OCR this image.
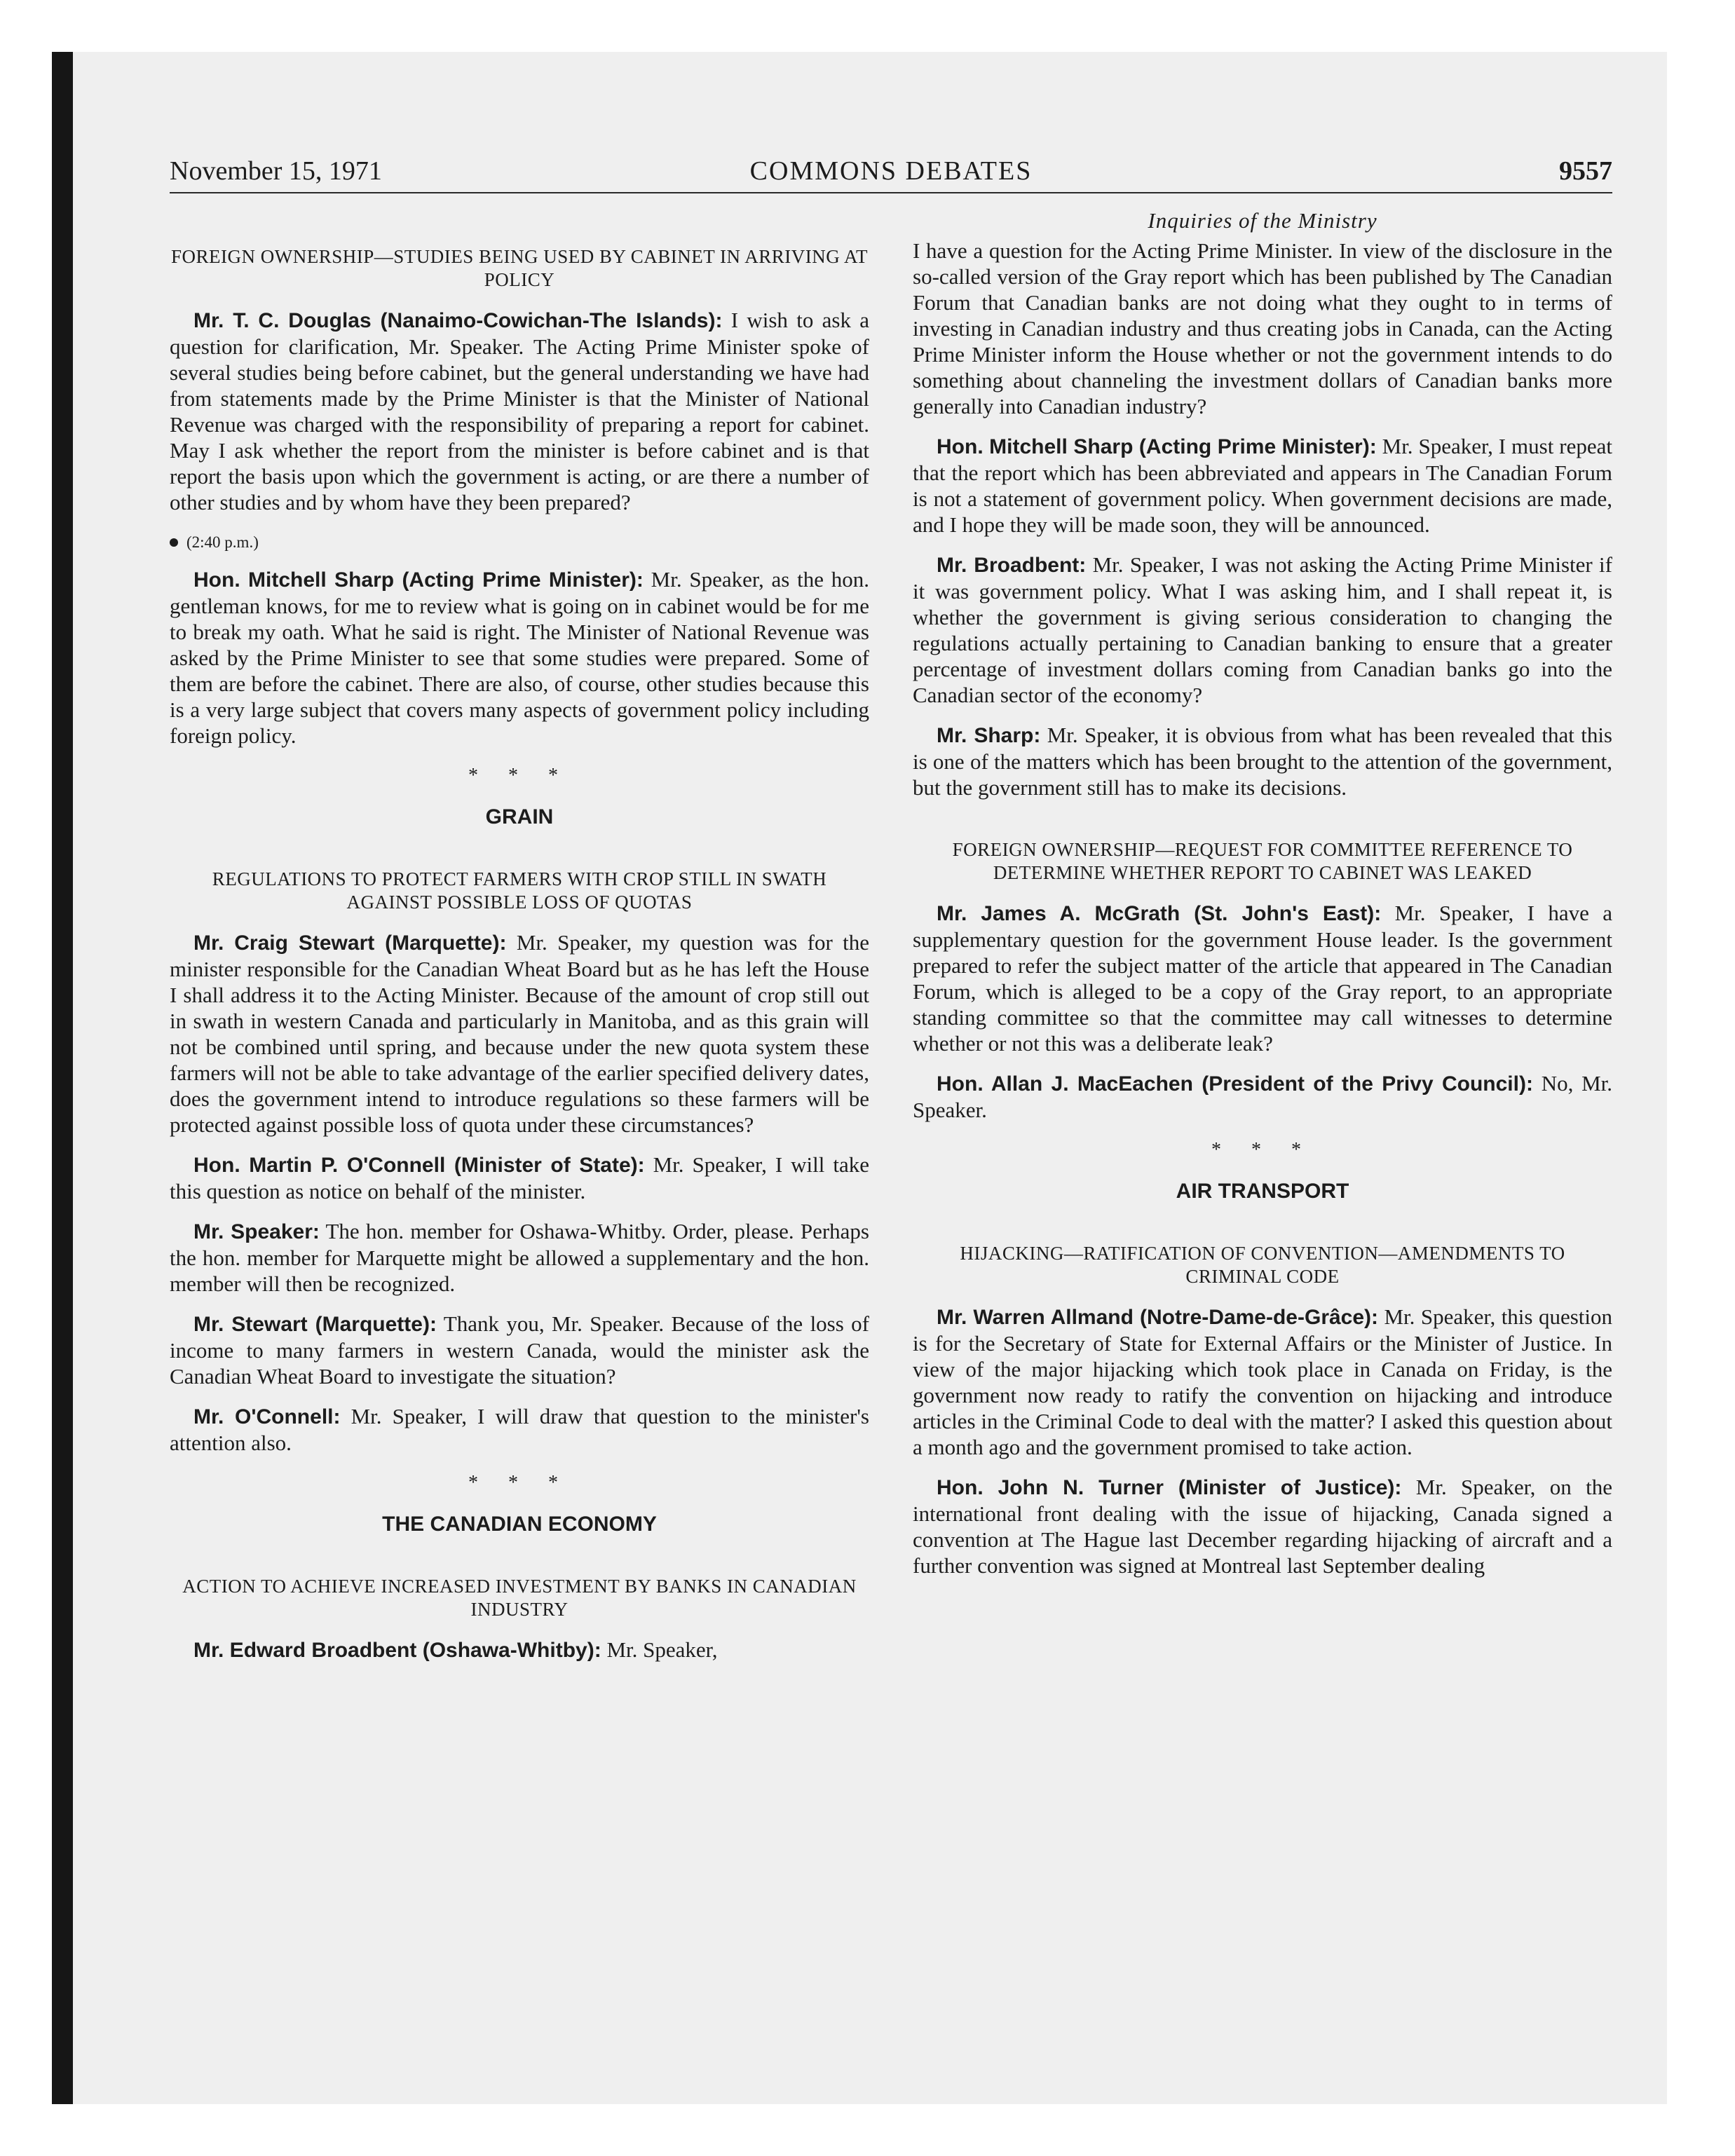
November 15, 1971	COMMONS DEBATES	9557
FOREIGN OWNERSHIP—STUDIES BEING USED BY CABINET IN ARRIVING AT POLICY

Mr. T. C. Douglas (Nanaimo-Cowichan-The Islands): I wish to ask a question for clarification, Mr. Speaker. The Acting Prime Minister spoke of several studies being before cabinet, but the general understanding we have had from statements made by the Prime Minister is that the Minister of National Revenue was charged with the responsibility of preparing a report for cabinet. May I ask whether the report from the minister is before cabinet and is that report the basis upon which the government is acting, or are there a number of other studies and by whom have they been prepared?

(2:40 p.m.)

Hon. Mitchell Sharp (Acting Prime Minister): Mr. Speaker, as the hon. gentleman knows, for me to review what is going on in cabinet would be for me to break my oath. What he said is right. The Minister of National Revenue was asked by the Prime Minister to see that some studies were prepared. Some of them are before the cabinet. There are also, of course, other studies because this is a very large subject that covers many aspects of government policy including foreign policy.

* * *
GRAIN
REGULATIONS TO PROTECT FARMERS WITH CROP STILL IN SWATH AGAINST POSSIBLE LOSS OF QUOTAS

Mr. Craig Stewart (Marquette): Mr. Speaker, my question was for the minister responsible for the Canadian Wheat Board but as he has left the House I shall address it to the Acting Minister. Because of the amount of crop still out in swath in western Canada and particularly in Manitoba, and as this grain will not be combined until spring, and because under the new quota system these farmers will not be able to take advantage of the earlier specified delivery dates, does the government intend to introduce regulations so these farmers will be protected against possible loss of quota under these circumstances?

Hon. Martin P. O'Connell (Minister of State): Mr. Speaker, I will take this question as notice on behalf of the minister.

Mr. Speaker: The hon. member for Oshawa-Whitby. Order, please. Perhaps the hon. member for Marquette might be allowed a supplementary and the hon. member will then be recognized.

Mr. Stewart (Marquette): Thank you, Mr. Speaker. Because of the loss of income to many farmers in western Canada, would the minister ask the Canadian Wheat Board to investigate the situation?

Mr. O'Connell: Mr. Speaker, I will draw that question to the minister's attention also.

* * *
THE CANADIAN ECONOMY
ACTION TO ACHIEVE INCREASED INVESTMENT BY BANKS IN CANADIAN INDUSTRY

Mr. Edward Broadbent (Oshawa-Whitby): Mr. Speaker,

Inquiries of the Ministry

I have a question for the Acting Prime Minister. In view of the disclosure in the so-called version of the Gray report which has been published by The Canadian Forum that Canadian banks are not doing what they ought to in terms of investing in Canadian industry and thus creating jobs in Canada, can the Acting Prime Minister inform the House whether or not the government intends to do something about channeling the investment dollars of Canadian banks more generally into Canadian industry?

Hon. Mitchell Sharp (Acting Prime Minister): Mr. Speaker, I must repeat that the report which has been abbreviated and appears in The Canadian Forum is not a statement of government policy. When government decisions are made, and I hope they will be made soon, they will be announced.

Mr. Broadbent: Mr. Speaker, I was not asking the Acting Prime Minister if it was government policy. What I was asking him, and I shall repeat it, is whether the government is giving serious consideration to changing the regulations actually pertaining to Canadian banking to ensure that a greater percentage of investment dollars coming from Canadian banks go into the Canadian sector of the economy?

Mr. Sharp: Mr. Speaker, it is obvious from what has been revealed that this is one of the matters which has been brought to the attention of the government, but the government still has to make its decisions.

FOREIGN OWNERSHIP—REQUEST FOR COMMITTEE REFERENCE TO DETERMINE WHETHER REPORT TO CABINET WAS LEAKED

Mr. James A. McGrath (St. John's East): Mr. Speaker, I have a supplementary question for the government House leader. Is the government prepared to refer the subject matter of the article that appeared in The Canadian Forum, which is alleged to be a copy of the Gray report, to an appropriate standing committee so that the committee may call witnesses to determine whether or not this was a deliberate leak?

Hon. Allan J. MacEachen (President of the Privy Council): No, Mr. Speaker.

* * *
AIR TRANSPORT
HIJACKING—RATIFICATION OF CONVENTION—AMENDMENTS TO CRIMINAL CODE

Mr. Warren Allmand (Notre-Dame-de-Grâce): Mr. Speaker, this question is for the Secretary of State for External Affairs or the Minister of Justice. In view of the major hijacking which took place in Canada on Friday, is the government now ready to ratify the convention on hijacking and introduce articles in the Criminal Code to deal with the matter? I asked this question about a month ago and the government promised to take action.

Hon. John N. Turner (Minister of Justice): Mr. Speaker, on the international front dealing with the issue of hijacking, Canada signed a convention at The Hague last December regarding hijacking of aircraft and a further convention was signed at Montreal last September dealing
